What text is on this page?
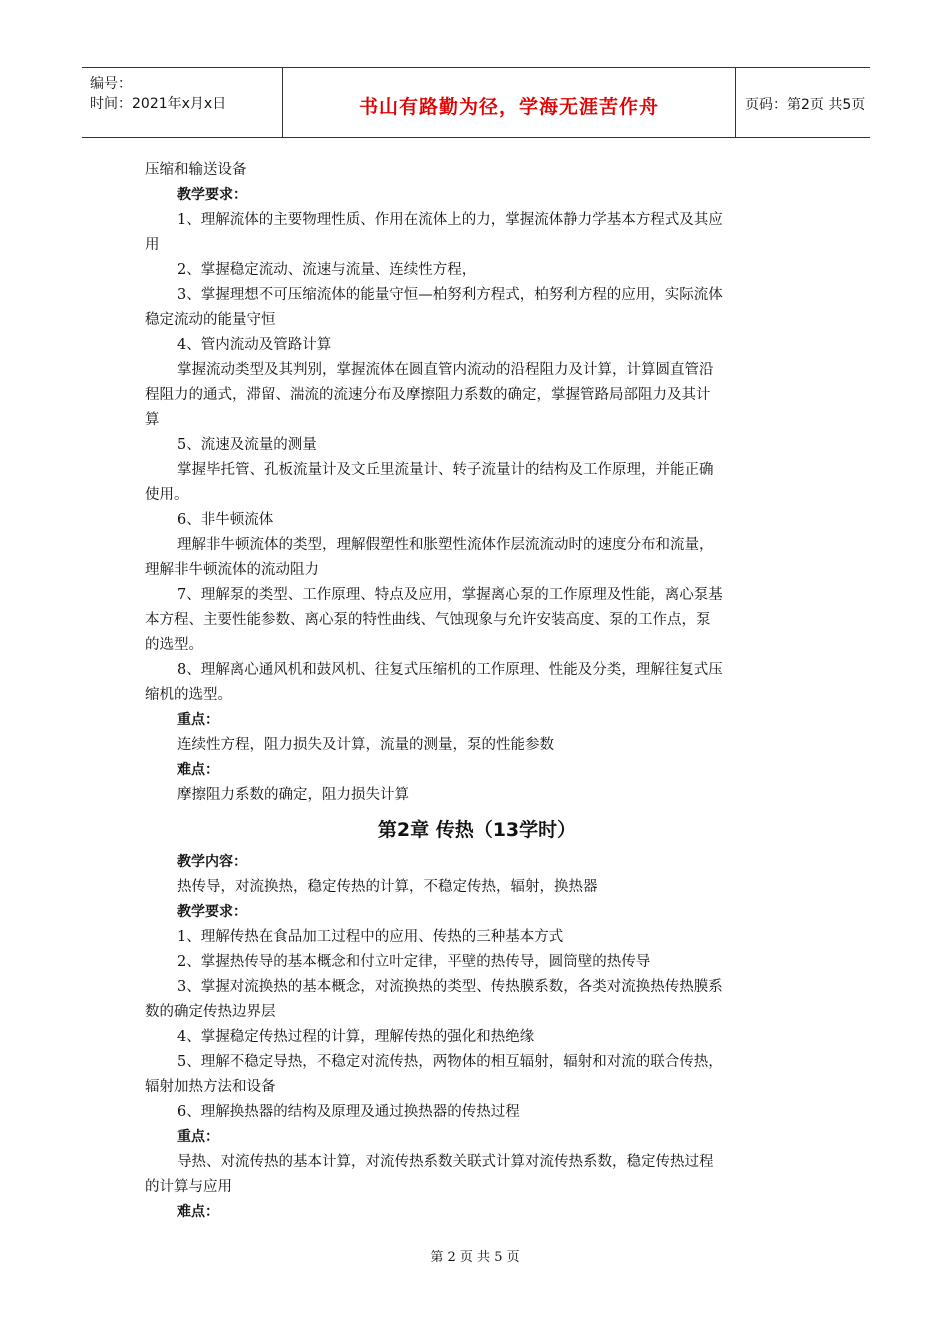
编号：
时间：2021年x月x日	书山有路勤为径，学海无涯苦作舟	页码：第2页 共5页
压缩和输送设备
教学要求：
1、理解流体的主要物理性质、作用在流体上的力，掌握流体静力学基本方程式及其应
用
2、掌握稳定流动、流速与流量、连续性方程，
3、掌握理想不可压缩流体的能量守恒—柏努利方程式，柏努利方程的应用，实际流体
稳定流动的能量守恒
4、管内流动及管路计算
掌握流动类型及其判别，掌握流体在圆直管内流动的沿程阻力及计算，计算圆直管沿
程阻力的通式，滞留、湍流的流速分布及摩擦阻力系数的确定，掌握管路局部阻力及其计
算
5、流速及流量的测量
掌握毕托管、孔板流量计及文丘里流量计、转子流量计的结构及工作原理，并能正确
使用。
6、非牛顿流体
理解非牛顿流体的类型，理解假塑性和胀塑性流体作层流流动时的速度分布和流量，
理解非牛顿流体的流动阻力
7、理解泵的类型、工作原理、特点及应用，掌握离心泵的工作原理及性能，离心泵基
本方程、主要性能参数、离心泵的特性曲线、气蚀现象与允许安装高度、泵的工作点，泵
的选型。
8、理解离心通风机和鼓风机、往复式压缩机的工作原理、性能及分类，理解往复式压
缩机的选型。
重点：
连续性方程，阻力损失及计算，流量的测量，泵的性能参数
难点：
摩擦阻力系数的确定，阻力损失计算
第2章 传热（13学时）
教学内容：
热传导，对流换热，稳定传热的计算，不稳定传热，辐射，换热器
教学要求：
1、理解传热在食品加工过程中的应用、传热的三种基本方式
2、掌握热传导的基本概念和付立叶定律，平壁的热传导，圆筒壁的热传导
3、掌握对流换热的基本概念，对流换热的类型、传热膜系数，各类对流换热传热膜系
数的确定传热边界层
4、掌握稳定传热过程的计算，理解传热的强化和热绝缘
5、理解不稳定导热，不稳定对流传热，两物体的相互辐射，辐射和对流的联合传热，
辐射加热方法和设备
6、理解换热器的结构及原理及通过换热器的传热过程
重点：
导热、对流传热的基本计算，对流传热系数关联式计算对流传热系数，稳定传热过程
的计算与应用
难点：
第 2 页 共 5 页
